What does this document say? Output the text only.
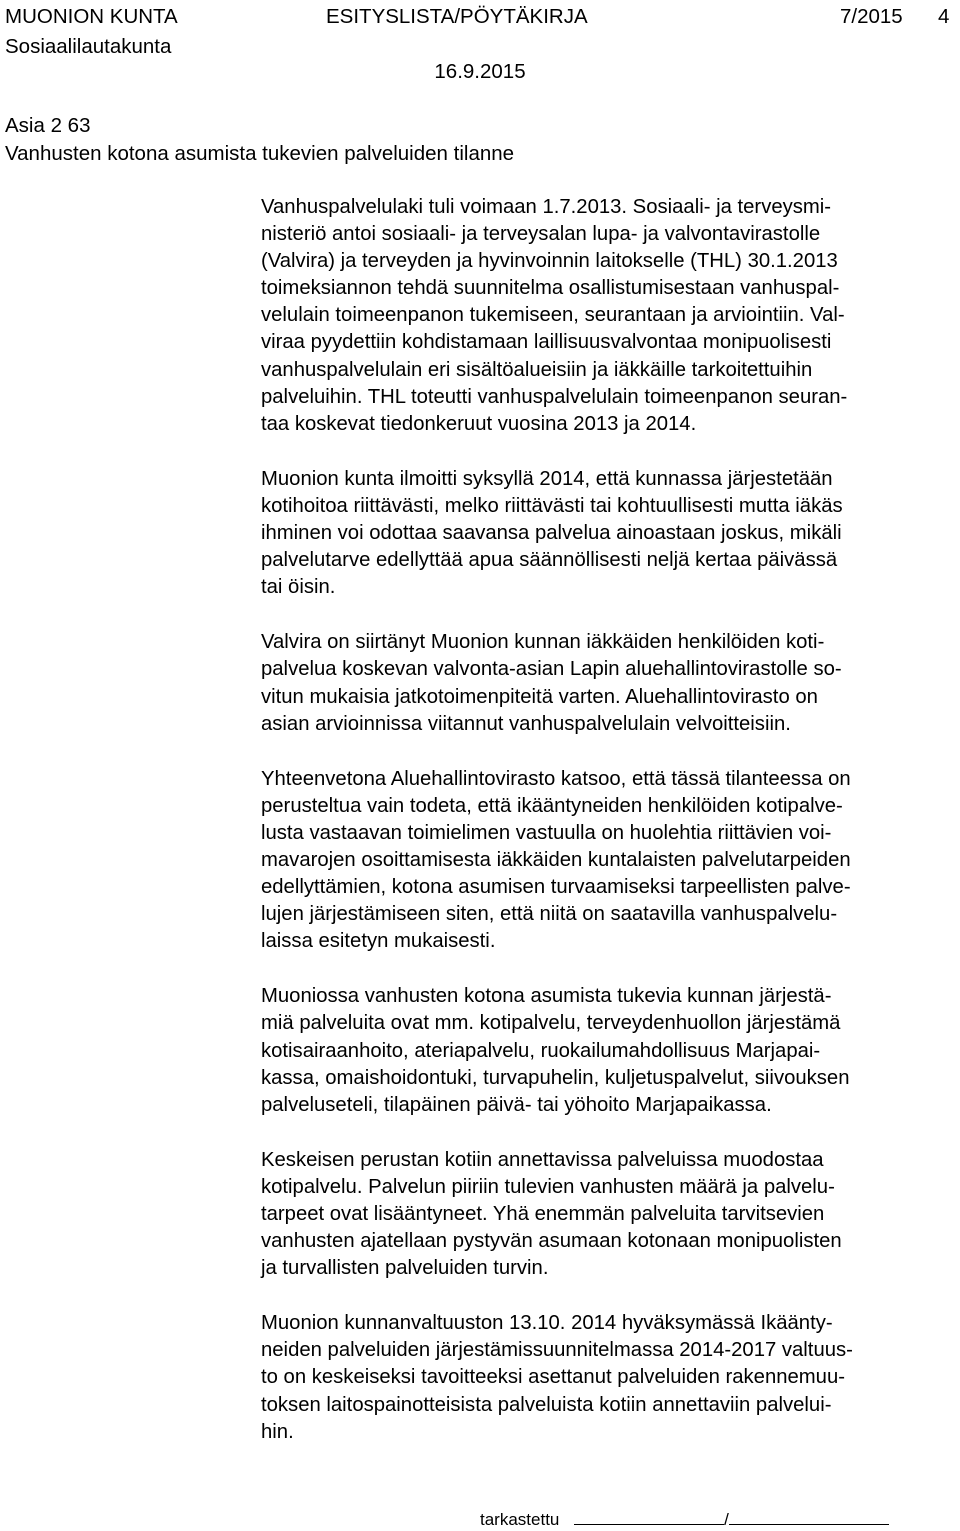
MUONION KUNTA	ESITYSLISTA/PÖYTÄKIRJA	7/2015 4
Sosiaalilautakunta
16.9.2015
Asia 2 63
Vanhusten kotona asumista tukevien palveluiden tilanne
Vanhuspalvelulaki tuli voimaan 1.7.2013. Sosiaali- ja terveysmi-
nisteriö antoi sosiaali- ja terveysalan lupa- ja valvontavirastolle
(Valvira) ja terveyden ja hyvinvoinnin laitokselle (THL) 30.1.2013
toimeksiannon tehdä suunnitelma osallistumisestaan vanhuspal-
velulain toimeenpanon tukemiseen, seurantaan ja arviointiin. Val-
viraa pyydettiin kohdistamaan laillisuusvalvontaa monipuolisesti
vanhuspalvelulain eri sisältöalueisiin ja iäkkäille tarkoitettuihin
palveluihin. THL toteutti vanhuspalvelulain toimeenpanon seuran-
taa koskevat tiedonkeruut vuosina 2013 ja 2014.
Muonion kunta ilmoitti syksyllä 2014, että kunnassa järjestetään
kotihoitoa riittävästi, melko riittävästi tai kohtuullisesti mutta iäkäs
ihminen voi odottaa saavansa palvelua ainoastaan joskus, mikäli
palvelutarve edellyttää apua säännöllisesti neljä kertaa päivässä
tai öisin.
Valvira on siirtänyt Muonion kunnan iäkkäiden henkilöiden koti-
palvelua koskevan valvonta-asian Lapin aluehallintovirastolle so-
vitun mukaisia jatkotoimenpiteitä varten. Aluehallintovirasto on
asian arvioinnissa viitannut vanhuspalvelulain velvoitteisiin.
Yhteenvetona Aluehallintovirasto katsoo, että tässä tilanteessa on
perusteltua vain todeta, että ikääntyneiden henkilöiden kotipalve-
lusta vastaavan toimielimen vastuulla on huolehtia riittävien voi-
mavarojen osoittamisesta iäkkäiden kuntalaisten palvelutarpeiden
edellyttämien, kotona asumisen turvaamiseksi tarpeellisten palve-
lujen järjestämiseen siten, että niitä on saatavilla vanhuspalvelu-
laissa esitetyn mukaisesti.
Muoniossa vanhusten kotona asumista tukevia kunnan järjestä-
miä palveluita ovat mm. kotipalvelu, terveydenhuollon järjestämä
kotisairaanhoito, ateriapalvelu, ruokailumahdollisuus Marjapai-
kassa, omaishoidontuki, turvapuhelin, kuljetuspalvelut, siivouksen
palveluseteli, tilapäinen päivä- tai yöhoito Marjapaikassa.
Keskeisen perustan kotiin annettavissa palveluissa muodostaa
kotipalvelu. Palvelun piiriin tulevien vanhusten määrä ja palvelu-
tarpeet ovat lisääntyneet. Yhä enemmän palveluita tarvitsevien
vanhusten ajatellaan pystyvän asumaan kotonaan monipuolisten
ja turvallisten palveluiden turvin.
Muonion kunnanvaltuuston 13.10. 2014 hyväksymässä Ikäänty-
neiden palveluiden järjestämissuunnitelmassa 2014-2017 valtuus-
to on keskeiseksi tavoitteeksi asettanut palveluiden rakennemuu-
toksen laitospainotteisista palveluista kotiin annettaviin palvelui-
hin.
tarkastettu	/
